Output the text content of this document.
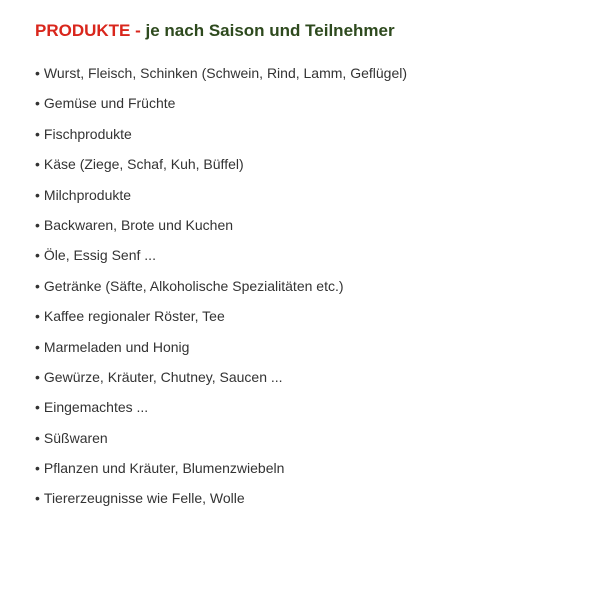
PRODUKTE - je nach Saison und Teilnehmer
• Wurst, Fleisch, Schinken (Schwein, Rind, Lamm, Geflügel)
• Gemüse und Früchte
• Fischprodukte
• Käse (Ziege, Schaf, Kuh, Büffel)
• Milchprodukte
• Backwaren, Brote und Kuchen
• Öle, Essig Senf ...
• Getränke (Säfte, Alkoholische Spezialitäten etc.)
• Kaffee regionaler Röster, Tee
• Marmeladen und Honig
• Gewürze, Kräuter, Chutney, Saucen ...
• Eingemachtes ...
• Süßwaren
• Pflanzen und Kräuter, Blumenzwiebeln
• Tiererzeugnisse wie Felle, Wolle
